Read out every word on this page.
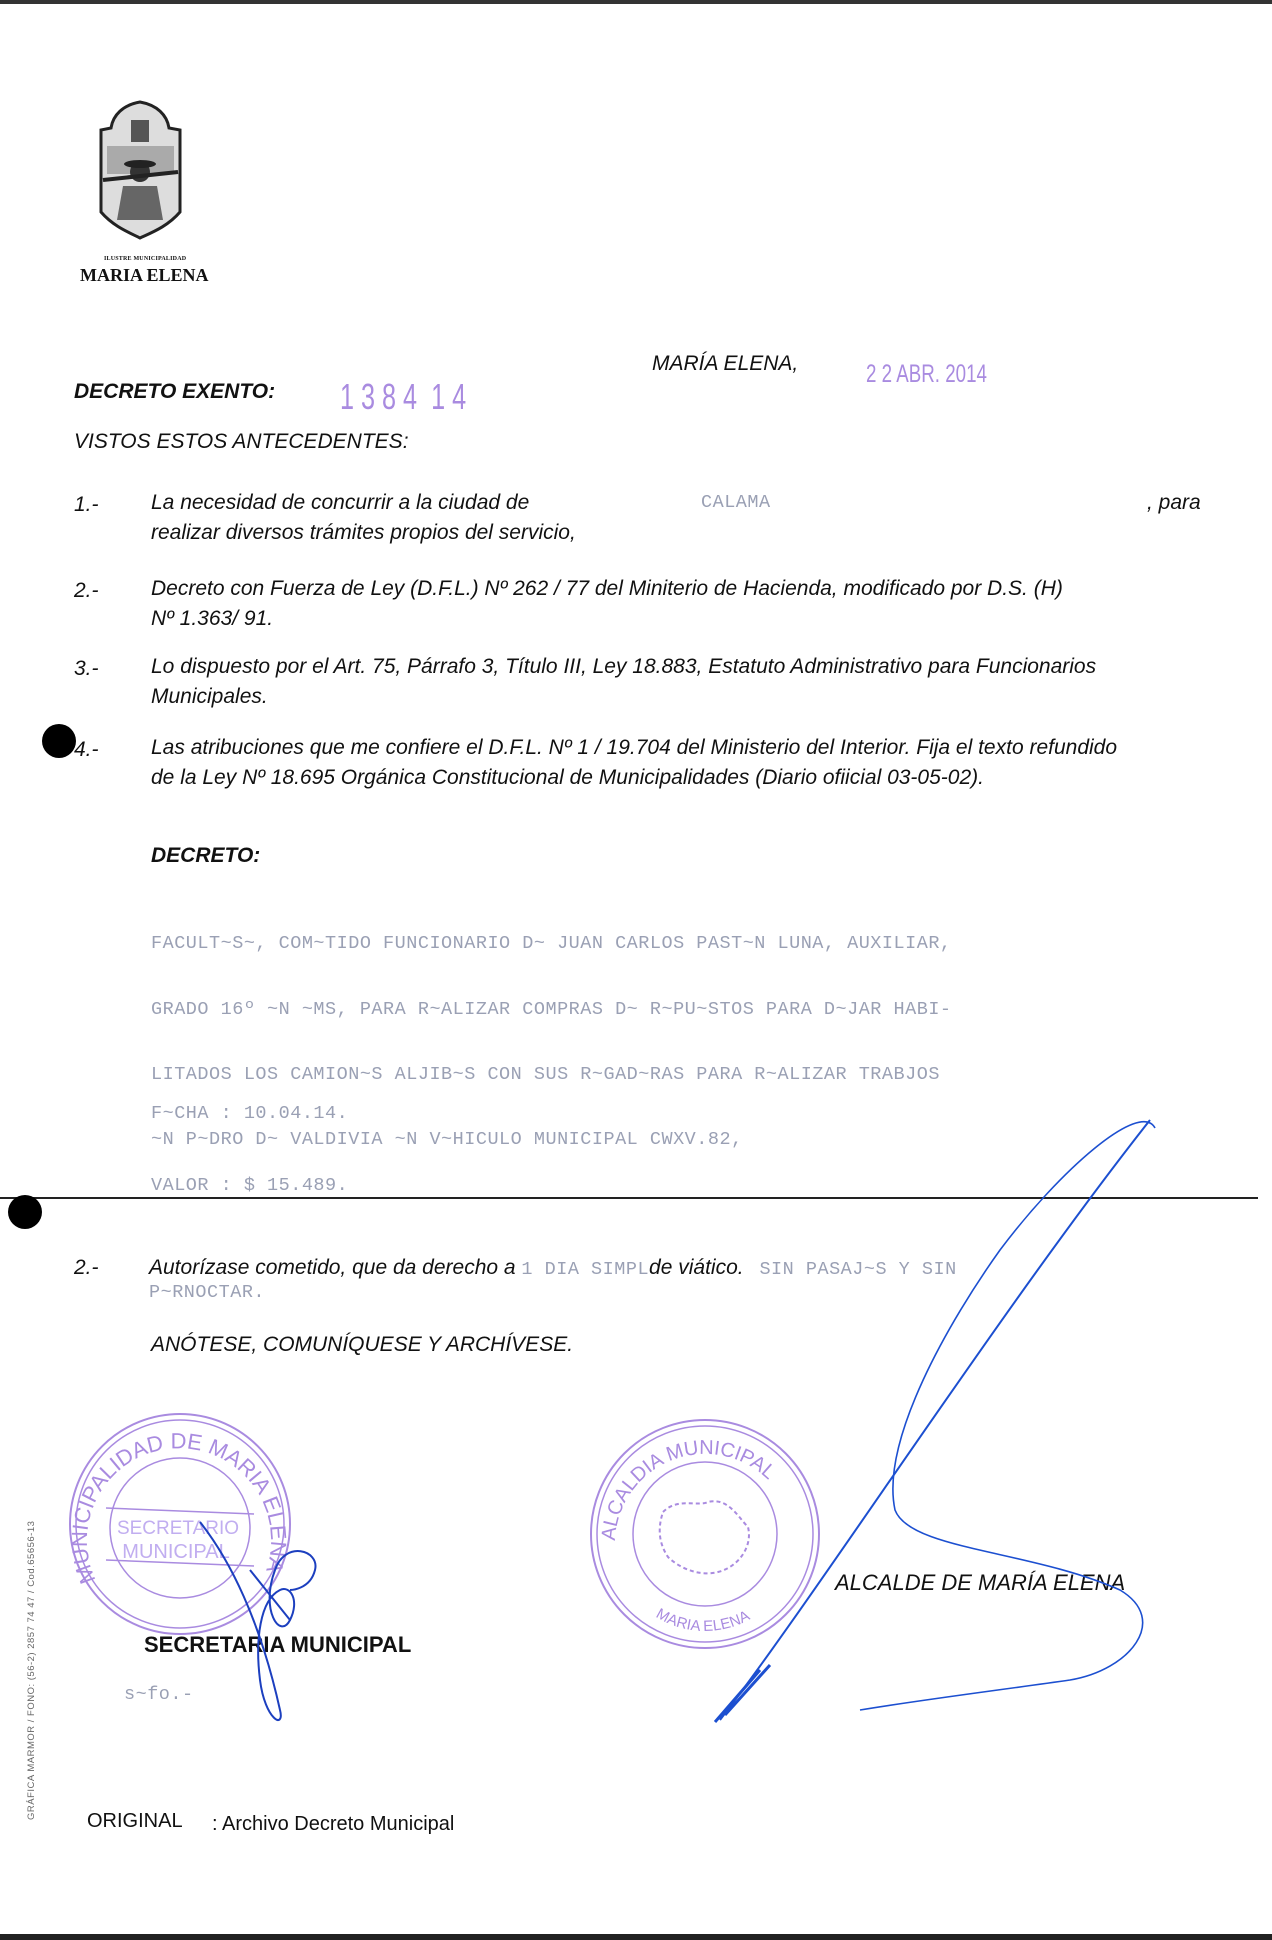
ILUSTRE MUNICIPALIDAD
MARIA ELENA
MARÍA ELENA,	2 2 ABR. 2014
DECRETO EXENTO: 1 3 8 4  1 4
VISTOS ESTOS ANTECEDENTES:
1.- La necesidad de concurrir a la ciudad de	CALAMA	, para

realizar diversos trámites propios del servicio,
2.- Decreto con Fuerza de Ley (D.F.L.) Nº 262 / 77 del Miniterio de Hacienda, modificado por D.S. (H)
Nº 1.363/ 91.
3.- Lo dispuesto por el Art. 75, Párrafo 3, Título III, Ley 18.883, Estatuto Administrativo para Funcionarios
Municipales.
4.- Las atribuciones que me confiere el D.F.L. Nº 1 / 19.704 del Ministerio del Interior. Fija el texto refundido
de la Ley Nº 18.695 Orgánica Constitucional de Municipalidades (Diario ofiicial 03-05-02).
DECRETO:

FACULT~S~, COM~TIDO FUNCIONARIO D~ JUAN CARLOS PAST~N LUNA, AUXILIAR,

GRADO 16º ~N ~MS, PARA R~ALIZAR COMPRAS D~ R~PU~STOS PARA D~JAR HABI-

LITADOS LOS CAMION~S ALJIB~S CON SUS R~GAD~RAS PARA R~ALIZAR TRABJOS

~N P~DRO D~ VALDIVIA ~N V~HICULO MUNICIPAL CWXV.82,

F~CHA : 10.04.14.

VALOR : $ 15.489.

2.- Autorízase cometido, que da derecho a 1 DIA SIMPLde viático. SIN PASAJ~S Y SIN
P~RNOCTAR.
ANÓTESE, COMUNÍQUESE Y ARCHÍVESE.
MUNICIPALIDAD DE MARIA ELENA
SECRETARIO
MUNICIPAL
SECRETARIA MUNICIPAL
s~fo.-
ALCALDIA MUNICIPAL
MARIA ELENA
ALCALDE DE MARÍA ELENA
GRÁFICA MARMOR / FONO: (56-2) 2857 74 47 / Cod.65656-13
ORIGINAL : Archivo Decreto Municipal
